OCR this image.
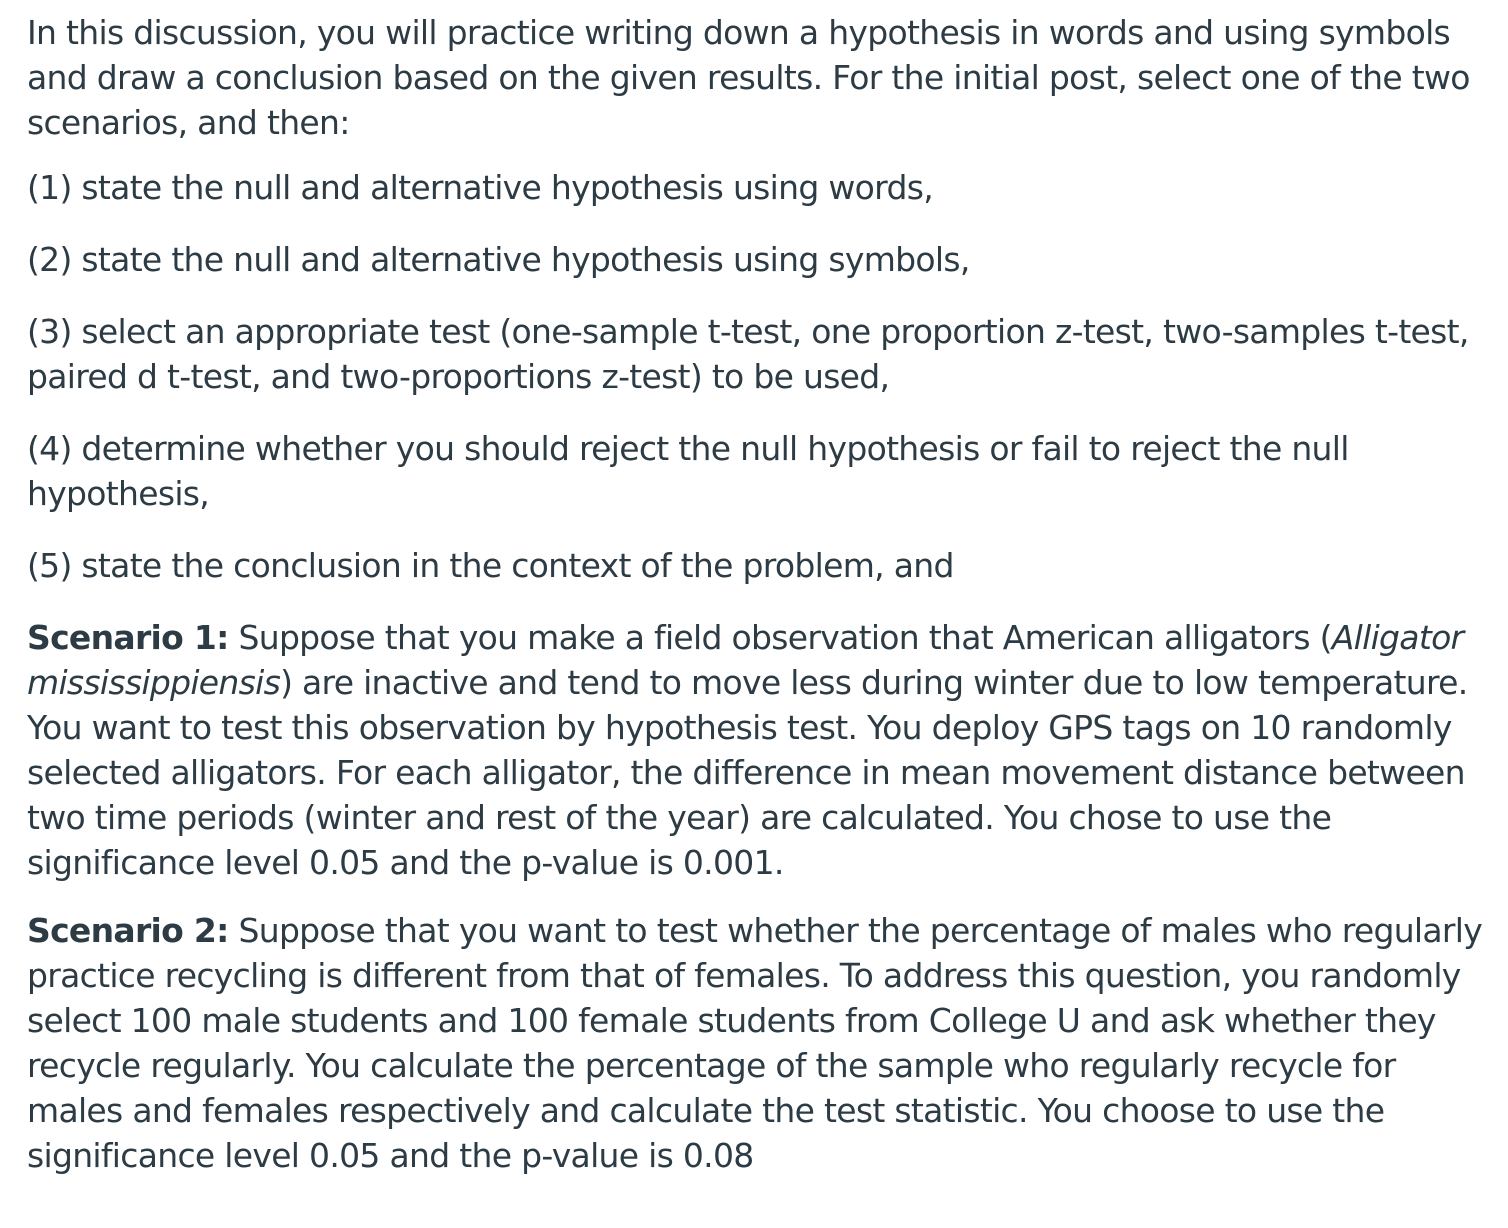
In this discussion, you will practice writing down a hypothesis in words and using symbols and draw a conclusion based on the given results. For the initial post, select one of the two scenarios, and then:

(1) state the null and alternative hypothesis using words,

(2) state the null and alternative hypothesis using symbols,

(3) select an appropriate test (one-sample t-test, one proportion z-test, two-samples t-test, paired d t-test, and two-proportions z-test) to be used,

(4) determine whether you should reject the null hypothesis or fail to reject the null hypothesis,

(5) state the conclusion in the context of the problem, and

Scenario 1: Suppose that you make a field observation that American alligators (Alligator mississippiensis) are inactive and tend to move less during winter due to low temperature. You want to test this observation by hypothesis test. You deploy GPS tags on 10 randomly selected alligators. For each alligator, the difference in mean movement distance between two time periods (winter and rest of the year) are calculated. You chose to use the significance level 0.05 and the p-value is 0.001.

Scenario 2: Suppose that you want to test whether the percentage of males who regularly practice recycling is different from that of females. To address this question, you randomly select 100 male students and 100 female students from College U and ask whether they recycle regularly. You calculate the percentage of the sample who regularly recycle for males and females respectively and calculate the test statistic. You choose to use the significance level 0.05 and the p-value is 0.08
